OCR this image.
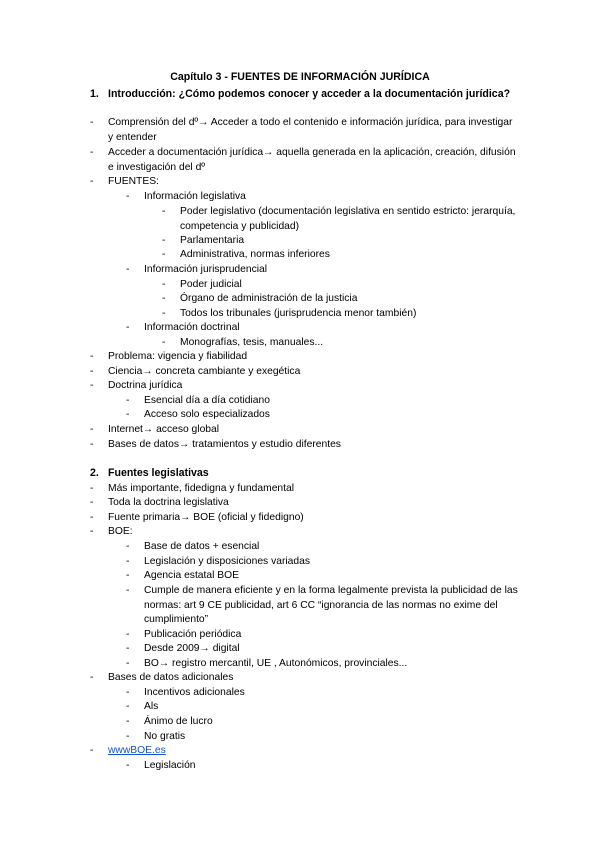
Capítulo 3 - FUENTES DE INFORMACIÓN JURÍDICA
1. Introducción: ¿Cómo podemos conocer y acceder a la documentación jurídica?
- Comprensión del dº→ Acceder a todo el contenido e información jurídica, para investigar y entender
- Acceder a documentación jurídica→ aquella generada en la aplicación, creación, difusión e investigación del dº
- FUENTES:
- Información legislativa
- Poder legislativo (documentación legislativa en sentido estricto: jerarquía, competencia y publicidad)
- Parlamentaria
- Administrativa, normas inferiores
- Información jurisprudencial
- Poder judicial
- Órgano de administración de la justicia
- Todos los tribunales (jurisprudencia menor también)
- Información doctrinal
- Monografías, tesis, manuales...
- Problema: vigencia y fiabilidad
- Ciencia→ concreta cambiante y exegética
- Doctrina jurídica
- Esencial día a día cotidiano
- Acceso solo especializados
- Internet→ acceso global
- Bases de datos→ tratamientos y estudio diferentes
2. Fuentes legislativas
- Más importante, fidedigna y fundamental
- Toda la doctrina legislativa
- Fuente primaria→ BOE (oficial y fidedigno)
- BOE:
- Base de datos + esencial
- Legislación y disposiciones variadas
- Agencia estatal BOE
- Cumple de manera eficiente y en la forma legalmente prevista la publicidad de las normas: art 9 CE publicidad, art 6 CC “ignorancia de las normas no exime del cumplimiento”
- Publicación periódica
- Desde 2009→ digital
- BO→ registro mercantil, UE , Autonómicos, provinciales...
- Bases de datos adicionales
- Incentivos adicionales
- Als
- Ánimo de lucro
- No gratis
- wwwBOE.es
- Legislación
